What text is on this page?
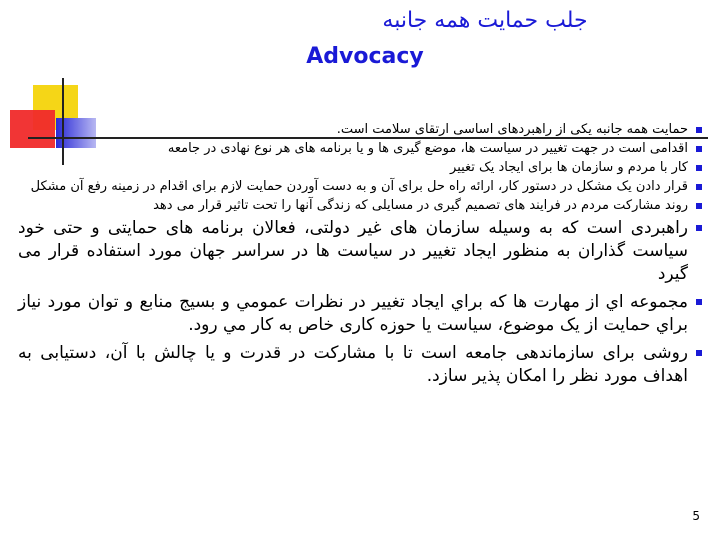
جلب حمایت همه جانبه
Advocacy
حمایت همه جانبه یکی از راهبردهای اساسی ارتقای سلامت است.
اقدامی است در جهت تغییر در سیاست ها، موضع گیری ها و یا برنامه های هر نوع نهادی در جامعه
کار با مردم و سازمان ها برای ایجاد یک تغییر
قرار دادن یک مشکل در دستور کار، ارائه راه حل برای آن و به دست آوردن حمایت لازم برای اقدام در زمینه رفع آن مشکل
روند مشارکت مردم در فرایند های تصمیم گیری در مسایلی که زندگی آنها را تحت تاثیر قرار می دهد
راهبردی است که به وسیله سازمان های غیر دولتی، فعالان برنامه های حمایتی و حتی خود سیاست گذاران به منظور ایجاد تغییر در سیاست ها در سراسر جهان مورد استفاده قرار می گیرد
مجموعه اي از مهارت ها که براي ایجاد تغییر در نظرات عمومي و بسیج منابع و توان مورد نیاز براي حمایت از یک موضوع، سیاست یا حوزه کاری خاص به کار مي رود.
روشی برای سازماندهی جامعه است تا با مشارکت در قدرت و یا چالش با آن، دستیابی به اهداف مورد نظر را امکان پذیر سازد.
5
